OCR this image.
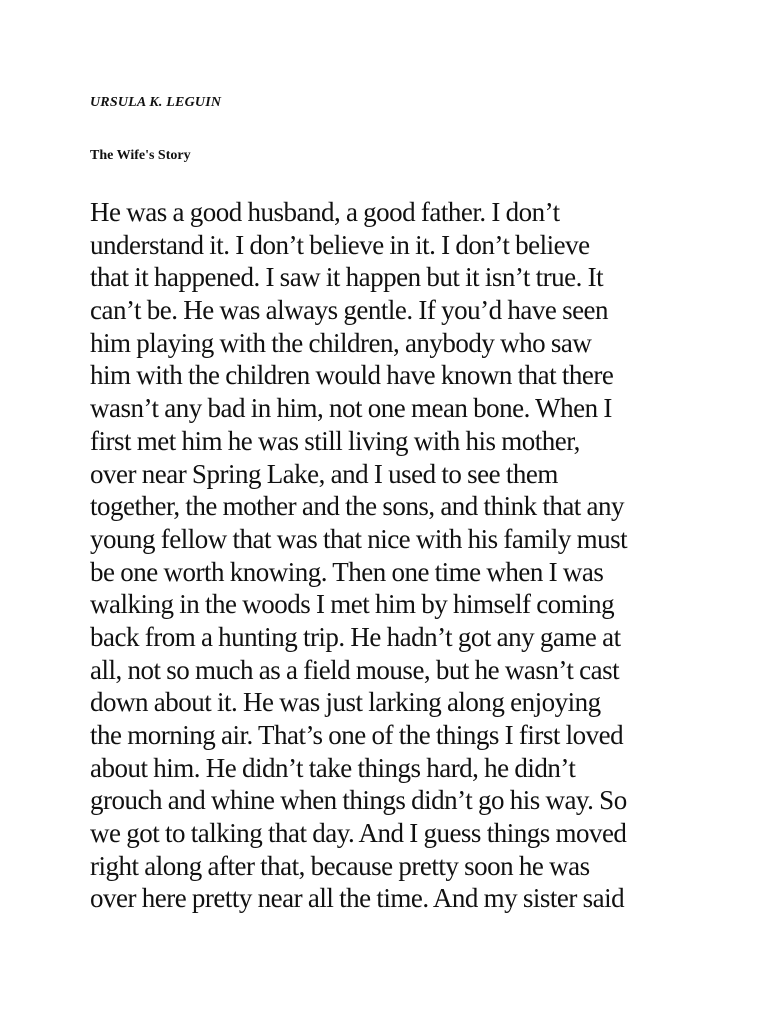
URSULA K. LEGUIN
The Wife's Story
He was a good husband, a good father. I don’t
understand it. I don’t believe in it. I don’t believe
that it happened. I saw it happen but it isn’t true. It
can’t be. He was always gentle. If you’d have seen
him playing with the children, anybody who saw
him with the children would have known that there
wasn’t any bad in him, not one mean bone. When I
first met him he was still living with his mother,
over near Spring Lake, and I used to see them
together, the mother and the sons, and think that any
young fellow that was that nice with his family must
be one worth knowing. Then one time when I was
walking in the woods I met him by himself coming
back from a hunting trip. He hadn’t got any game at
all, not so much as a field mouse, but he wasn’t cast
down about it. He was just larking along enjoying
the morning air. That’s one of the things I first loved
about him. He didn’t take things hard, he didn’t
grouch and whine when things didn’t go his way. So
we got to talking that day. And I guess things moved
right along after that, because pretty soon he was
over here pretty near all the time. And my sister said
